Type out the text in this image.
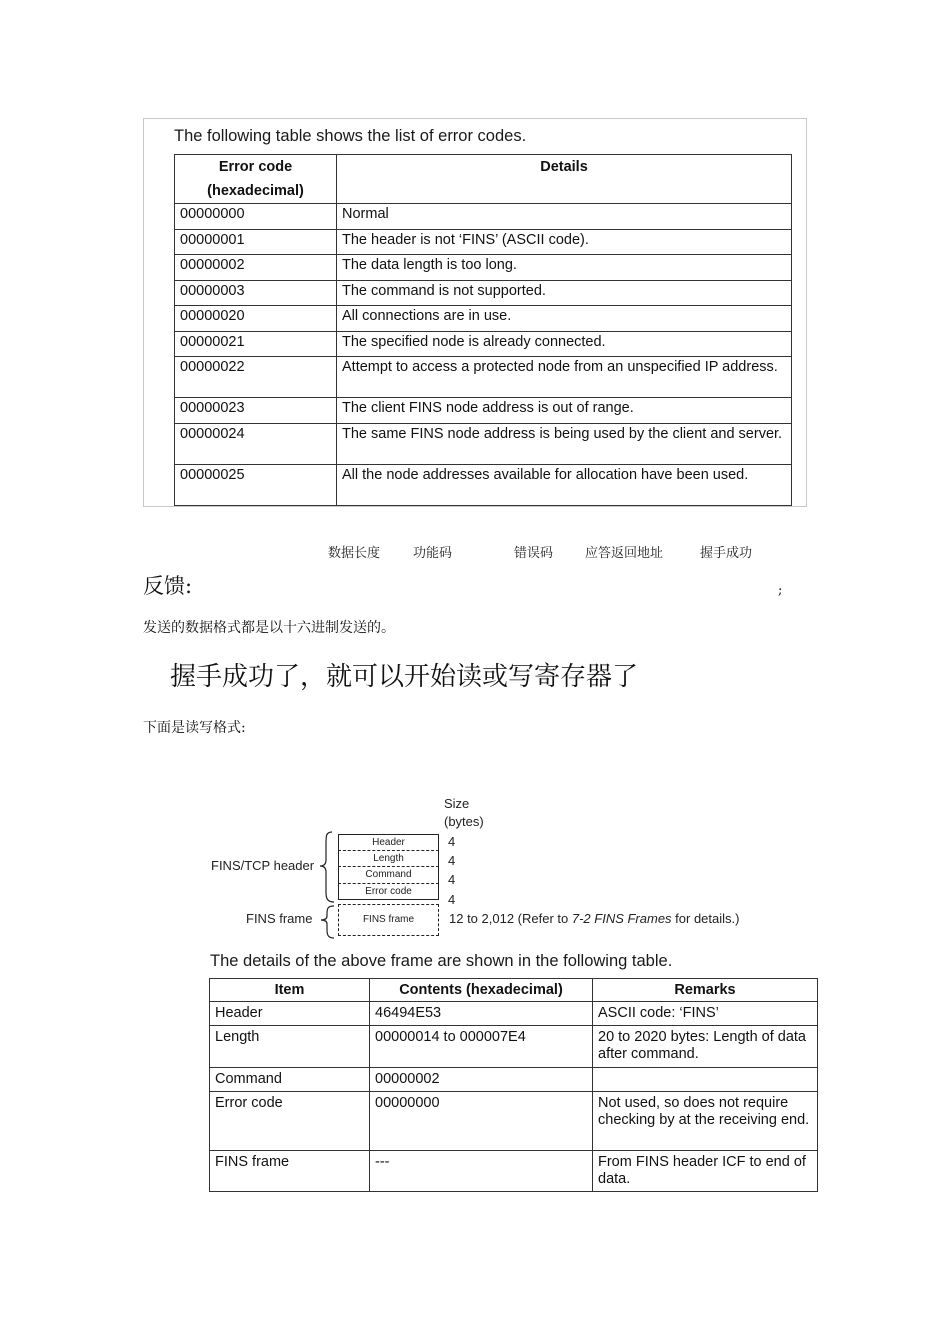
The following table shows the list of error codes.
Error code
(hexadecimal)	Details
00000000	Normal
00000001	The header is not ‘FINS’ (ASCII code).
00000002	The data length is too long.
00000003	The command is not supported.
00000020	All connections are in use.
00000021	The specified node is already connected.
00000022	Attempt to access a protected node from an unspecified IP address.
00000023	The client FINS node address is out of range.
00000024	The same FINS node address is being used by the client and server.
00000025	All the node addresses available for allocation have been used.
数据长度	功能码	错误码 应答返回地址	握手成功
反馈:	;
发送的数据格式都是以十六进制发送的。
握手成功了，就可以开始读或写寄存器了
下面是读写格式:
Size
(bytes)
FINS/TCP header
FINS frame
Header
Length
Command
Error code
FINS frame
4
4
4
4
12 to 2,012 (Refer to 7-2 FINS Frames for details.)
The details of the above frame are shown in the following table.
Item	Contents (hexadecimal)	Remarks
Header	46494E53	ASCII code: ‘FINS’
Length	00000014 to 000007E4	20 to 2020 bytes: Length of data after command.
Command	00000002	
Error code	00000000	Not used, so does not require checking by at the receiving end.
FINS frame	---	From FINS header ICF to end of data.
